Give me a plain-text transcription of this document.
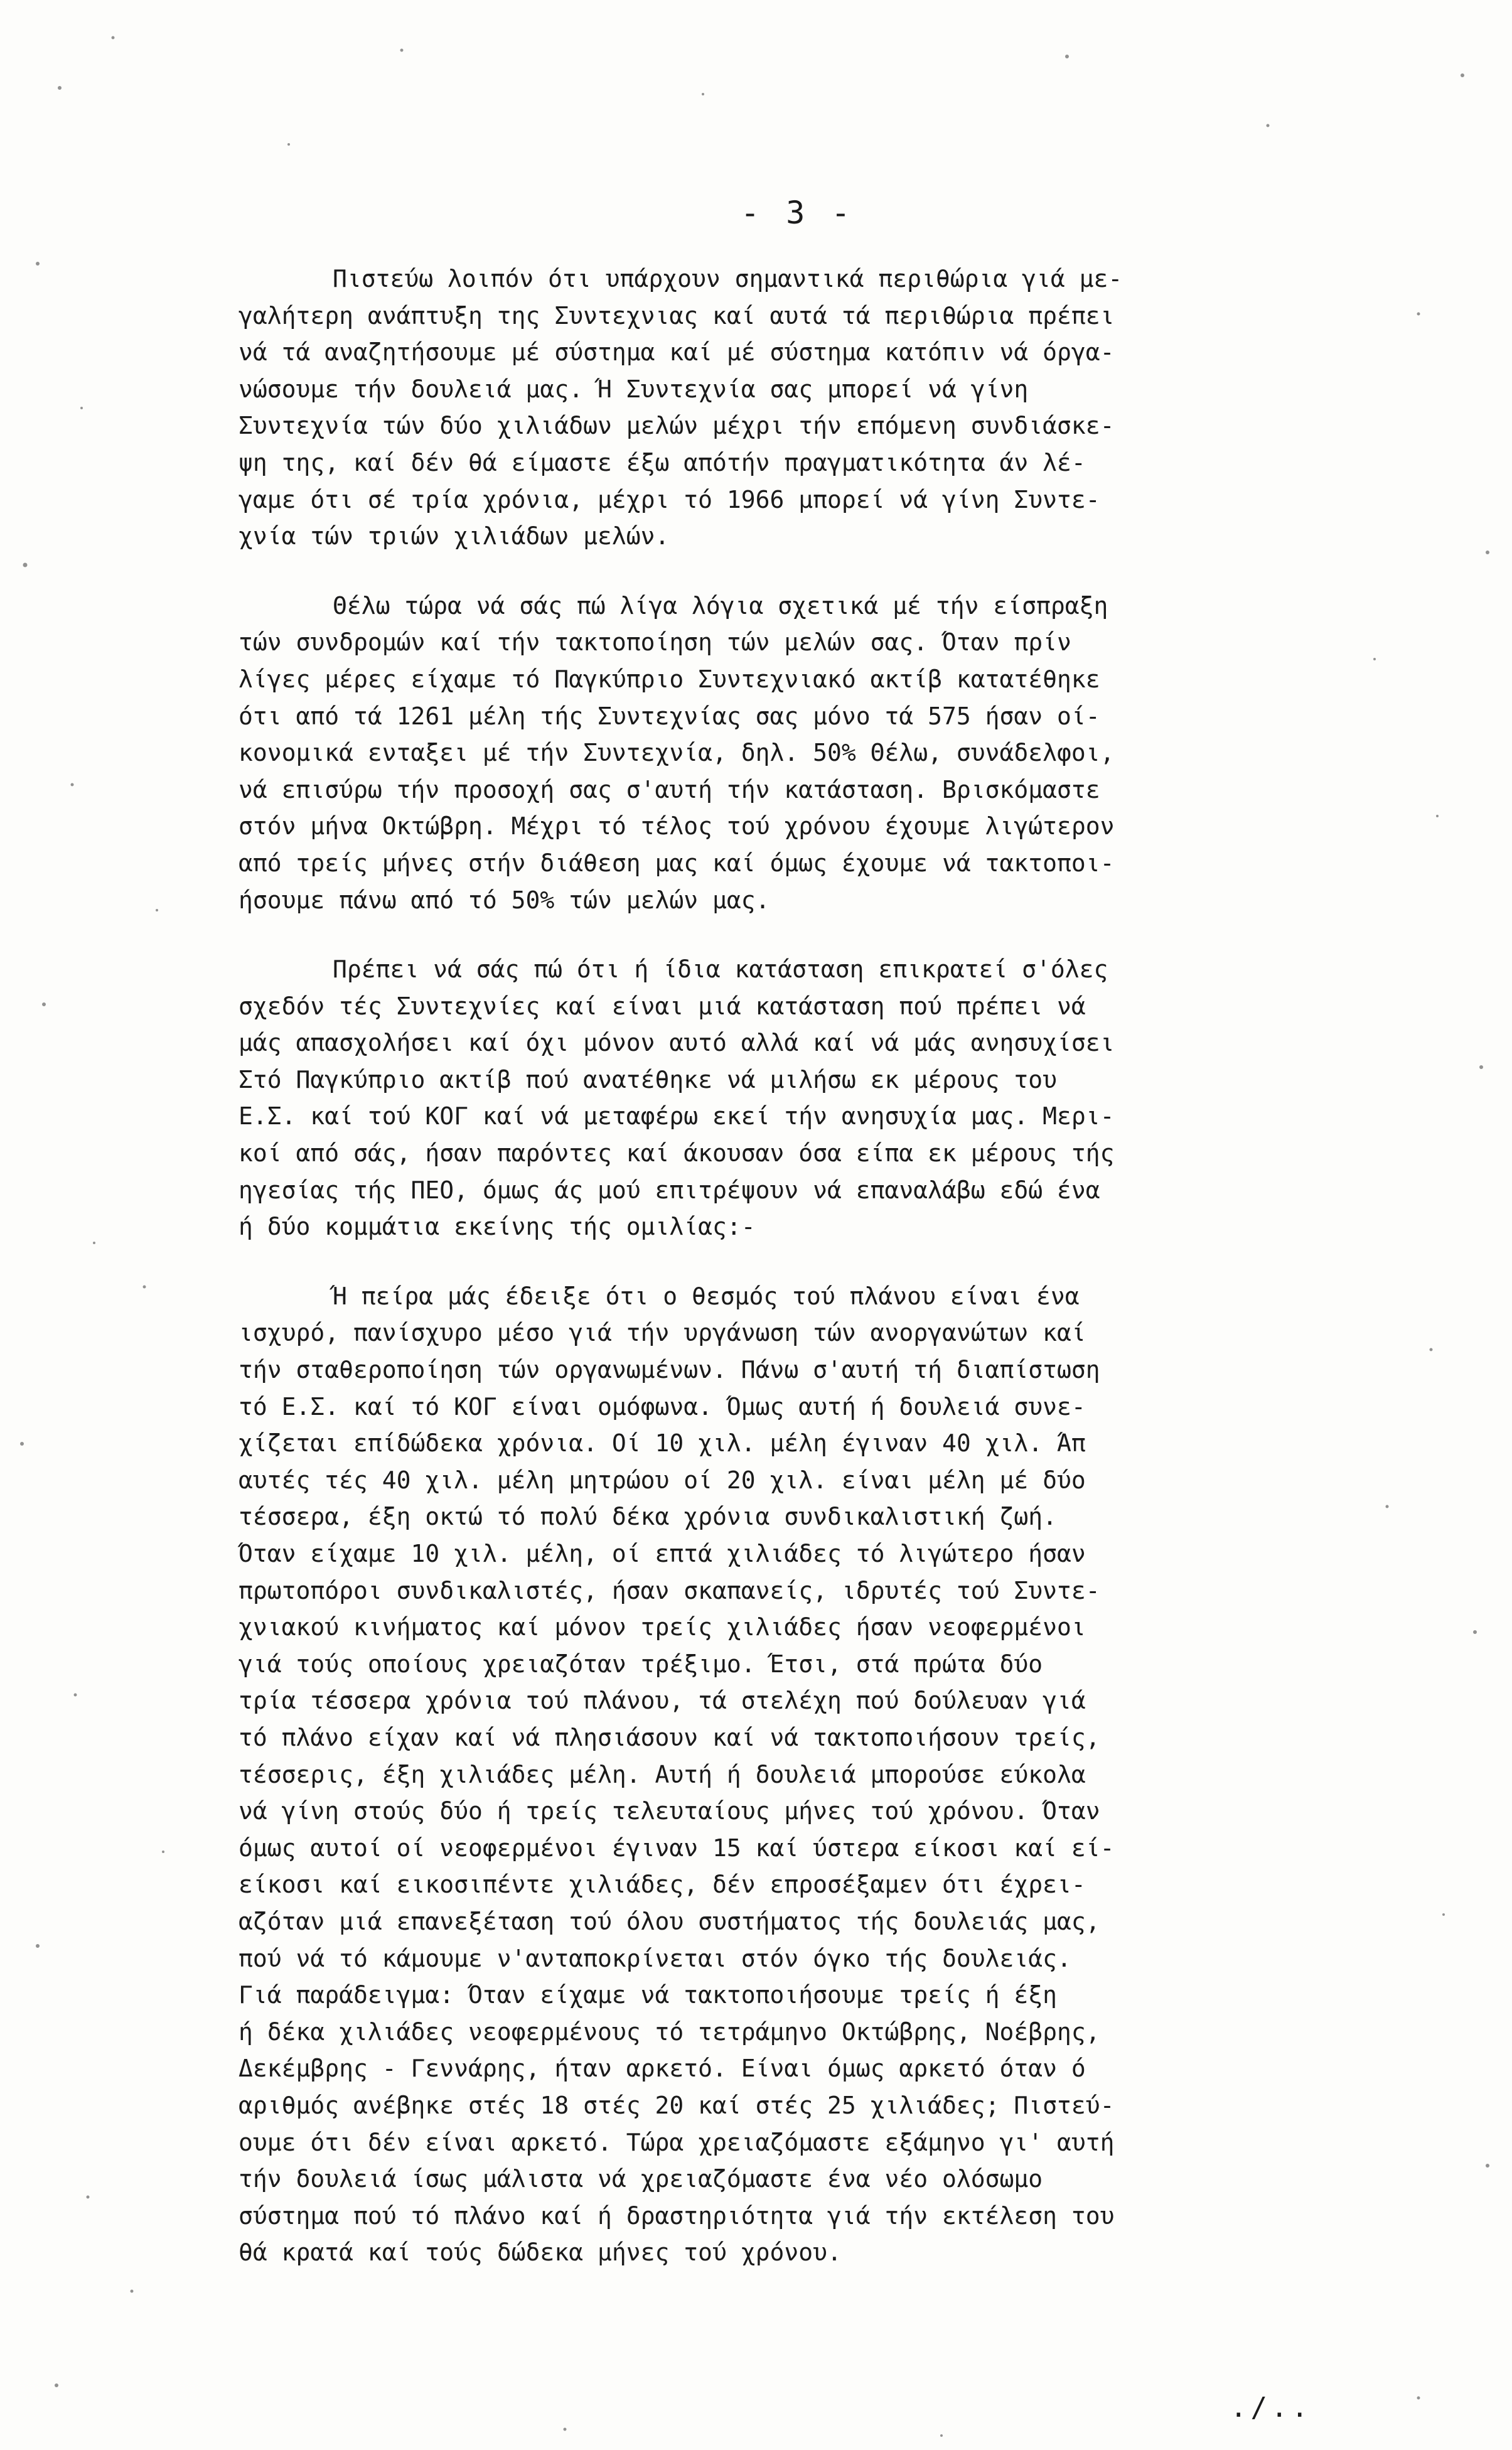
- 3 -
Πιστεύω λοιπόν ότι υπάρχουν σημαντικά περιθώρια γιά με-
γαλήτερη ανάπτυξη της Συντεχνιας καί αυτά τά περιθώρια πρέπει
νά τά αναζητήσουμε μέ σύστημα καί μέ σύστημα κατόπιν νά όργα-
νώσουμε τήν δουλειά μας. Ή Συντεχνία σας μπορεί νά γίνη
Συντεχνία τών δύο χιλιάδων μελών μέχρι τήν επόμενη συνδιάσκε-
ψη της, καί δέν θά είμαστε έξω απότήν πραγματικότητα άν λέ-
γαμε ότι σέ τρία χρόνια, μέχρι τό 1966 μπορεί νά γίνη Συντε-
χνία τών τριών χιλιάδων μελών.
Θέλω τώρα νά σάς πώ λίγα λόγια σχετικά μέ τήν είσπραξη
τών συνδρομών καί τήν τακτοποίηση τών μελών σας. Όταν πρίν
λίγες μέρες είχαμε τό Παγκύπριο Συντεχνιακό ακτίβ κατατέθηκε
ότι από τά 1261 μέλη τής Συντεχνίας σας μόνο τά 575 ήσαν οί-
κονομικά ενταξει μέ τήν Συντεχνία, δηλ. 50% Θέλω, συνάδελφοι,
νά επισύρω τήν προσοχή σας σ'αυτή τήν κατάσταση. Βρισκόμαστε
στόν μήνα Οκτώβρη. Μέχρι τό τέλος τού χρόνου έχουμε λιγώτερον
από τρείς μήνες στήν διάθεση μας καί όμως έχουμε νά τακτοποι-
ήσουμε πάνω από τό 50% τών μελών μας.
Πρέπει νά σάς πώ ότι ή ίδια κατάσταση επικρατεί σ'όλες
σχεδόν τές Συντεχνίες καί είναι μιά κατάσταση πού πρέπει νά
μάς απασχολήσει καί όχι μόνον αυτό αλλά καί νά μάς ανησυχίσει
Στό Παγκύπριο ακτίβ πού ανατέθηκε νά μιλήσω εκ μέρους του
Ε.Σ. καί τού ΚΟΓ καί νά μεταφέρω εκεί τήν ανησυχία μας. Μερι-
κοί από σάς, ήσαν παρόντες καί άκουσαν όσα είπα εκ μέρους τής
ηγεσίας τής ΠΕΟ, όμως άς μού επιτρέψουν νά επαναλάβω εδώ ένα
ή δύο κομμάτια εκείνης τής ομιλίας:-
Ή πείρα μάς έδειξε ότι ο θεσμός τού πλάνου είναι ένα
ισχυρό, πανίσχυρο μέσο γιά τήν υργάνωση τών ανοργανώτων καί
τήν σταθεροποίηση τών οργανωμένων. Πάνω σ'αυτή τή διαπίστωση
τό Ε.Σ. καί τό ΚΟΓ είναι ομόφωνα. Όμως αυτή ή δουλειά συνε-
χίζεται επίδώδεκα χρόνια. Οί 10 χιλ. μέλη έγιναν 40 χιλ. Άπ
αυτές τές 40 χιλ. μέλη μητρώου οί 20 χιλ. είναι μέλη μέ δύο
τέσσερα, έξη οκτώ τό πολύ δέκα χρόνια συνδικαλιστική ζωή.
Όταν είχαμε 10 χιλ. μέλη, οί επτά χιλιάδες τό λιγώτερο ήσαν
πρωτοπόροι συνδικαλιστές, ήσαν σκαπανείς, ιδρυτές τού Συντε-
χνιακού κινήματος καί μόνον τρείς χιλιάδες ήσαν νεοφερμένοι
γιά τούς οποίους χρειαζόταν τρέξιμο. Έτσι, στά πρώτα δύο
τρία τέσσερα χρόνια τού πλάνου, τά στελέχη πού δούλευαν γιά
τό πλάνο είχαν καί νά πλησιάσουν καί νά τακτοποιήσουν τρείς,
τέσσερις, έξη χιλιάδες μέλη. Αυτή ή δουλειά μπορούσε εύκολα
νά γίνη στούς δύο ή τρείς τελευταίους μήνες τού χρόνου. Όταν
όμως αυτοί οί νεοφερμένοι έγιναν 15 καί ύστερα είκοσι καί εί-
είκοσι καί εικοσιπέντε χιλιάδες, δέν επροσέξαμεν ότι έχρει-
αζόταν μιά επανεξέταση τού όλου συστήματος τής δουλειάς μας,
πού νά τό κάμουμε ν'ανταποκρίνεται στόν όγκο τής δουλειάς.
Γιά παράδειγμα: Όταν είχαμε νά τακτοποιήσουμε τρείς ή έξη
ή δέκα χιλιάδες νεοφερμένους τό τετράμηνο Οκτώβρης, Νοέβρης,
Δεκέμβρης - Γεννάρης, ήταν αρκετό. Είναι όμως αρκετό όταν ό
αριθμός ανέβηκε στές 18 στές 20 καί στές 25 χιλιάδες; Πιστεύ-
ουμε ότι δέν είναι αρκετό. Τώρα χρειαζόμαστε εξάμηνο γι' αυτή
τήν δουλειά ίσως μάλιστα νά χρειαζόμαστε ένα νέο ολόσωμο
σύστημα πού τό πλάνο καί ή δραστηριότητα γιά τήν εκτέλεση του
θά κρατά καί τούς δώδεκα μήνες τού χρόνου.
./..
